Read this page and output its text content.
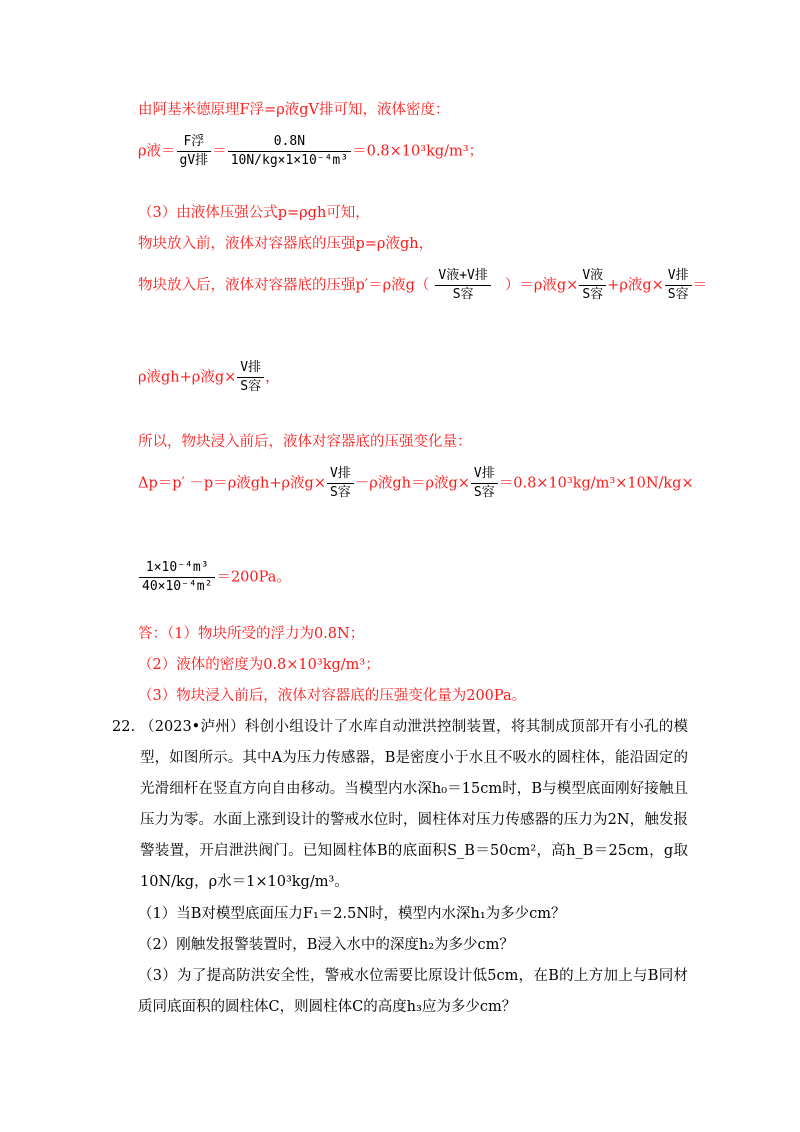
由阿基米德原理F浮=ρ液gV排可知，液体密度：
ρ液＝ $\frac{\text{F浮}}{\text{gV排}} = \frac{0.8N}{\text{10N/kg×1×10⁻⁴m³}} =0.8\times 10^3kg/m^3$；
（3）由液体压强公式p=ρgh可知，
物块放入前，液体对容器底的压强p=ρ液gh，
物块放入后，液体对容器底的压强p′＝ρ液$g( \frac{\text{V液+V排}}{\text{S容}} )=\rho$液$g\times \frac{\text{V液}}{\text{S容}} +\rho$液$g\times \frac{\text{V排}}{\text{S容}}$ ＝
ρ液gh+ρ液$g\times \frac{\text{V排}}{\text{S容}}$ ，
所以，物块浸入前后，液体对容器底的压强变化量：
Δp＝p′ －p＝ρ液gh+ρ液$g\times \frac{\text{V排}}{\text{S容}} -\rho$液gh＝ρ液$g\times \frac{\text{V排}}{\text{S容}} =0.8\times 10^3kg/m^3\times 10N/kg\times$
$\frac{\text{1×10⁻⁴m³}}{\text{40×10⁻⁴m²}} =200Pa$。
答：（1）物块所受的浮力为0.8N；
（2）液体的密度为0.8×10³kg/m³；
（3）物块浸入前后，液体对容器底的压强变化量为200Pa。
22. （2023•泸州）科创小组设计了水库自动泄洪控制装置，将其制成顶部开有小孔的模型，如图所示。其中A为压力传感器，B是密度小于水且不吸水的圆柱体，能沿固定的光滑细杆在竖直方向自由移动。当模型内水深h₀＝15cm时，B与模型底面刚好接触且压力为零。水面上涨到设计的警戒水位时，圆柱体对压力传感器的压力为2N，触发报警装置，开启泄洪阀门。已知圆柱体B的底面积S_B＝50cm²，高h_B＝25cm，g取10N/kg，ρ水＝1×10³kg/m³。
（1）当B对模型底面压力F₁＝2.5N时，模型内水深h₁为多少cm？
（2）刚触发报警装置时，B浸入水中的深度h₂为多少cm？
（3）为了提高防洪安全性，警戒水位需要比原设计低5cm，在B的上方加上与B同材质同底面积的圆柱体C，则圆柱体C的高度h₃应为多少cm？
